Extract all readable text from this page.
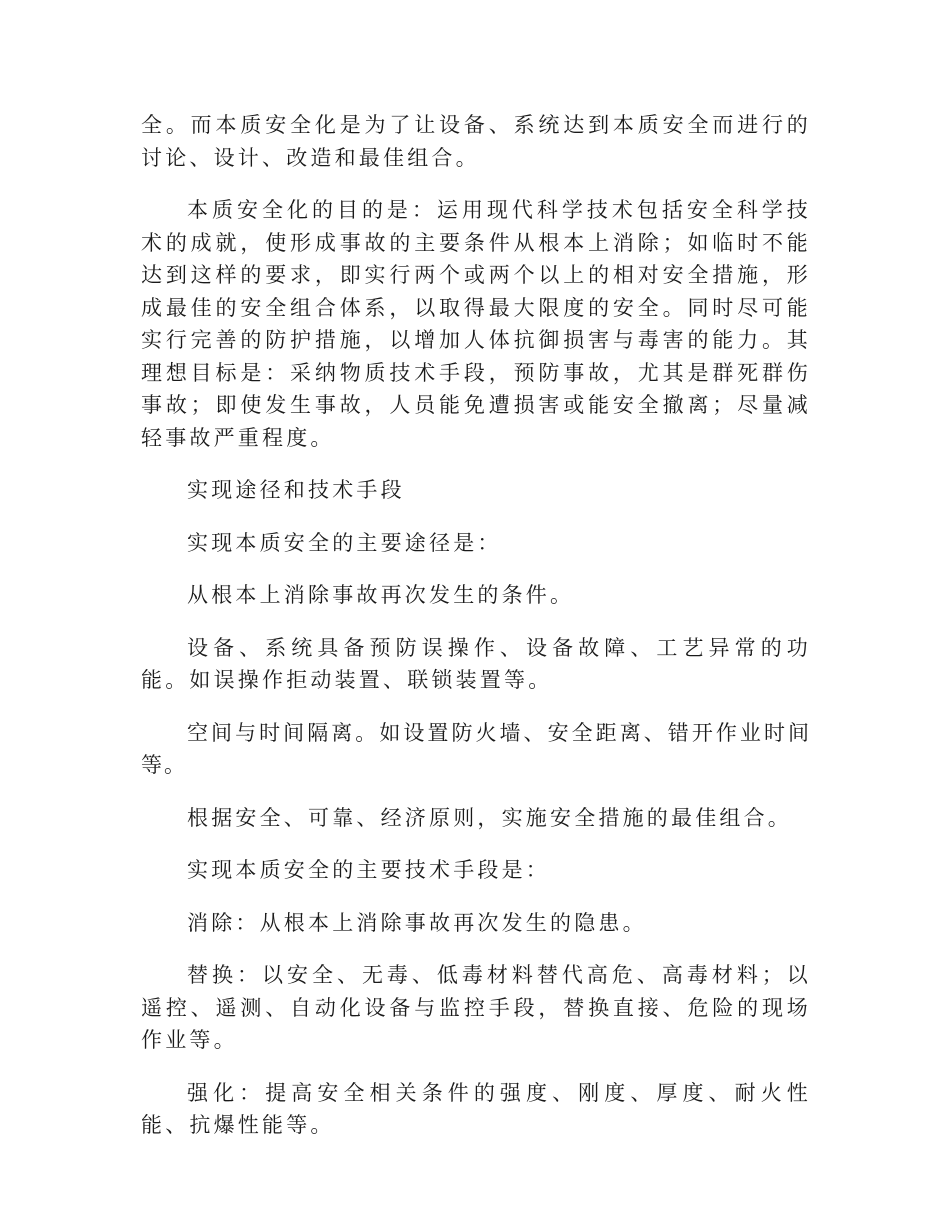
全。而本质安全化是为了让设备、系统达到本质安全而进行的讨论、设计、改造和最佳组合。

本质安全化的目的是：运用现代科学技术包括安全科学技术的成就，使形成事故的主要条件从根本上消除；如临时不能达到这样的要求，即实行两个或两个以上的相对安全措施，形成最佳的安全组合体系，以取得最大限度的安全。同时尽可能实行完善的防护措施，以增加人体抗御损害与毒害的能力。其理想目标是：采纳物质技术手段，预防事故，尤其是群死群伤事故；即使发生事故，人员能免遭损害或能安全撤离；尽量减轻事故严重程度。

实现途径和技术手段

实现本质安全的主要途径是：

从根本上消除事故再次发生的条件。

设备、系统具备预防误操作、设备故障、工艺异常的功能。如误操作拒动装置、联锁装置等。

空间与时间隔离。如设置防火墙、安全距离、错开作业时间等。

根据安全、可靠、经济原则，实施安全措施的最佳组合。

实现本质安全的主要技术手段是：

消除：从根本上消除事故再次发生的隐患。

替换：以安全、无毒、低毒材料替代高危、高毒材料；以遥控、遥测、自动化设备与监控手段，替换直接、危险的现场作业等。

强化：提高安全相关条件的强度、刚度、厚度、耐火性能、抗爆性能等。
